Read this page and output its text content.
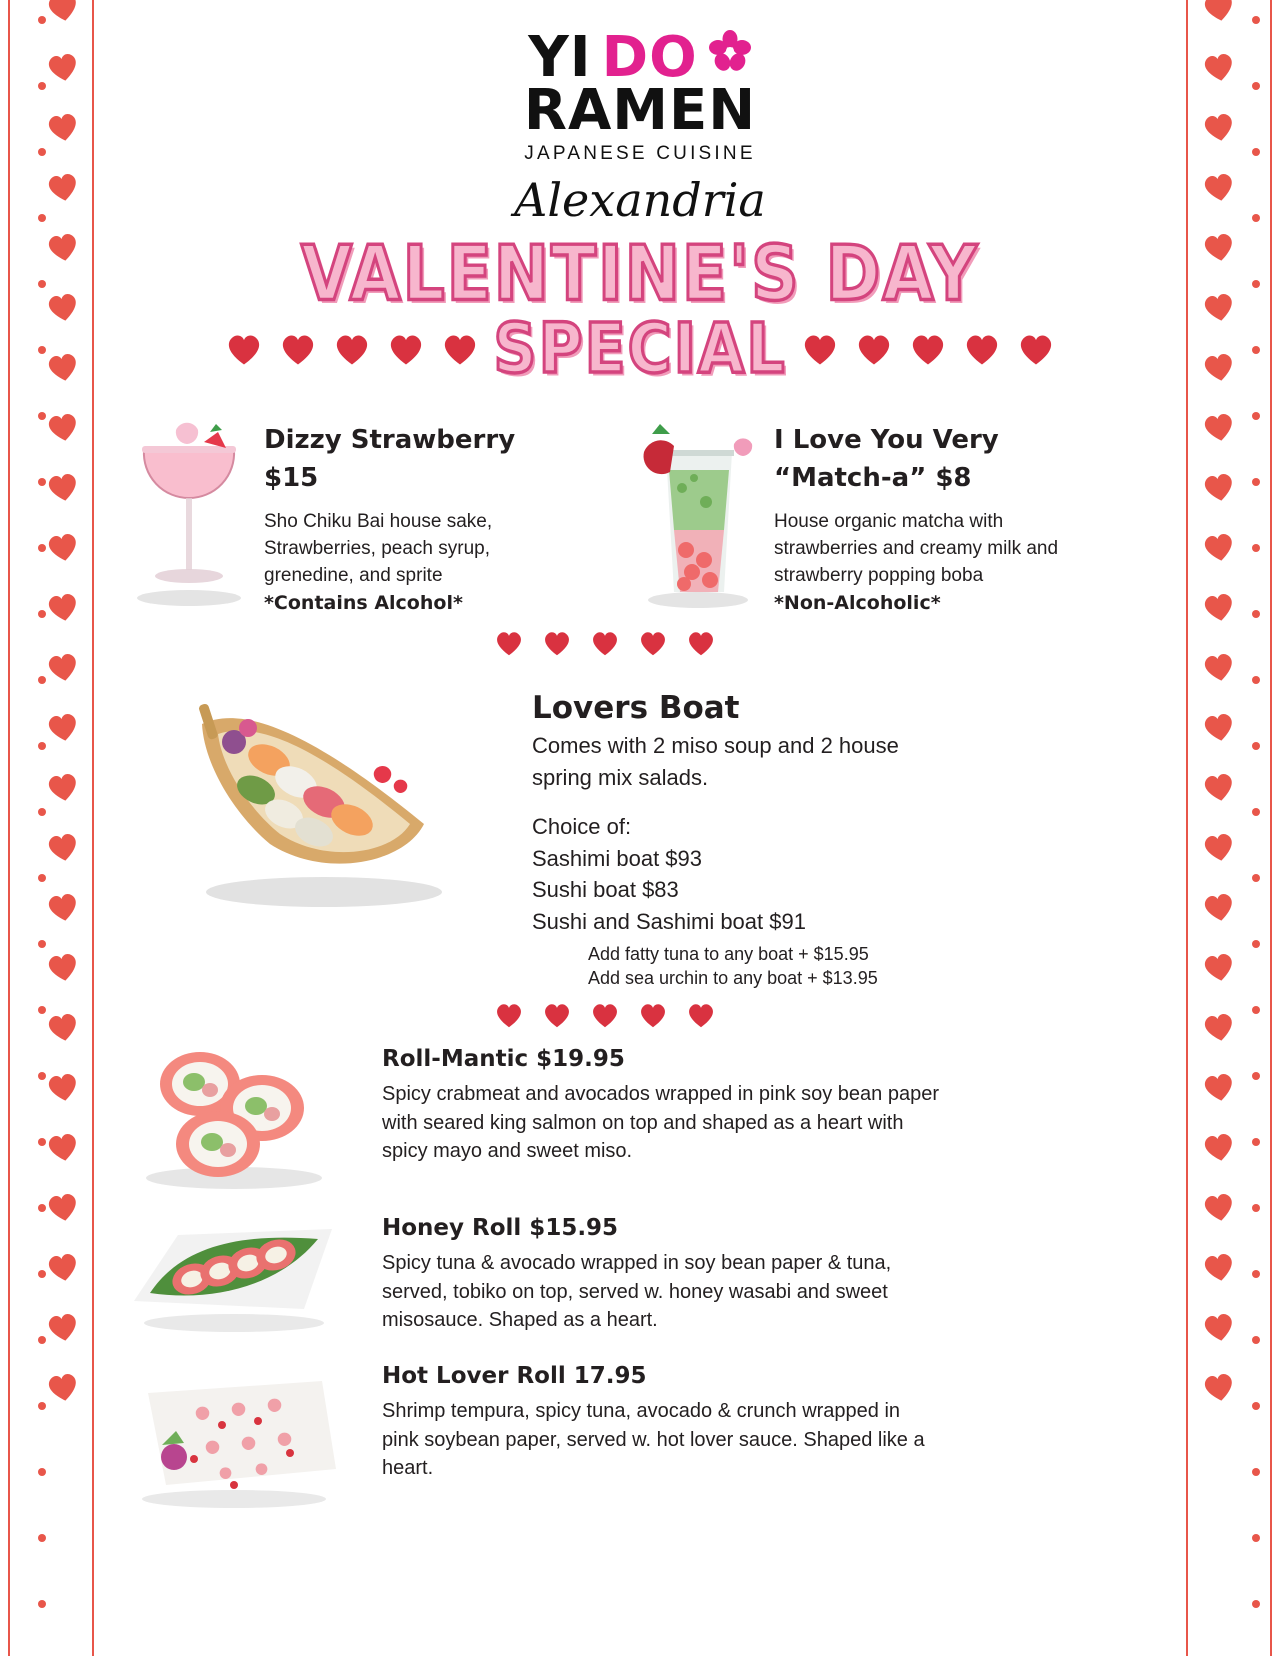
YI DO
RAMEN
JAPANESE CUISINE
Alexandria
VALENTINE'S DAY
SPECIAL
Dizzy Strawberry
$15
Sho Chiku Bai house sake, Strawberries, peach syrup, grenedine, and sprite
*Contains Alcohol*
I Love You Very
“Match-a” $8
House organic matcha with strawberries and creamy milk and strawberry popping boba
*Non-Alcoholic*
Lovers Boat
Comes with 2 miso soup and 2 house spring mix salads.
Choice of:
Sashimi boat $93
Sushi boat $83
Sushi and Sashimi boat $91
Add fatty tuna to any boat + $15.95
Add sea urchin to any boat + $13.95
Roll-Mantic $19.95
Spicy crabmeat and avocados wrapped in pink soy bean paper with seared king salmon on top and shaped as a heart with spicy mayo and sweet miso.
Honey Roll $15.95
Spicy tuna & avocado wrapped in soy bean paper & tuna, served, tobiko on top, served w. honey wasabi and sweet misosauce. Shaped as a heart.
Hot Lover Roll 17.95
Shrimp tempura, spicy tuna, avocado & crunch wrapped in pink soybean paper, served w. hot lover sauce. Shaped like a heart.
